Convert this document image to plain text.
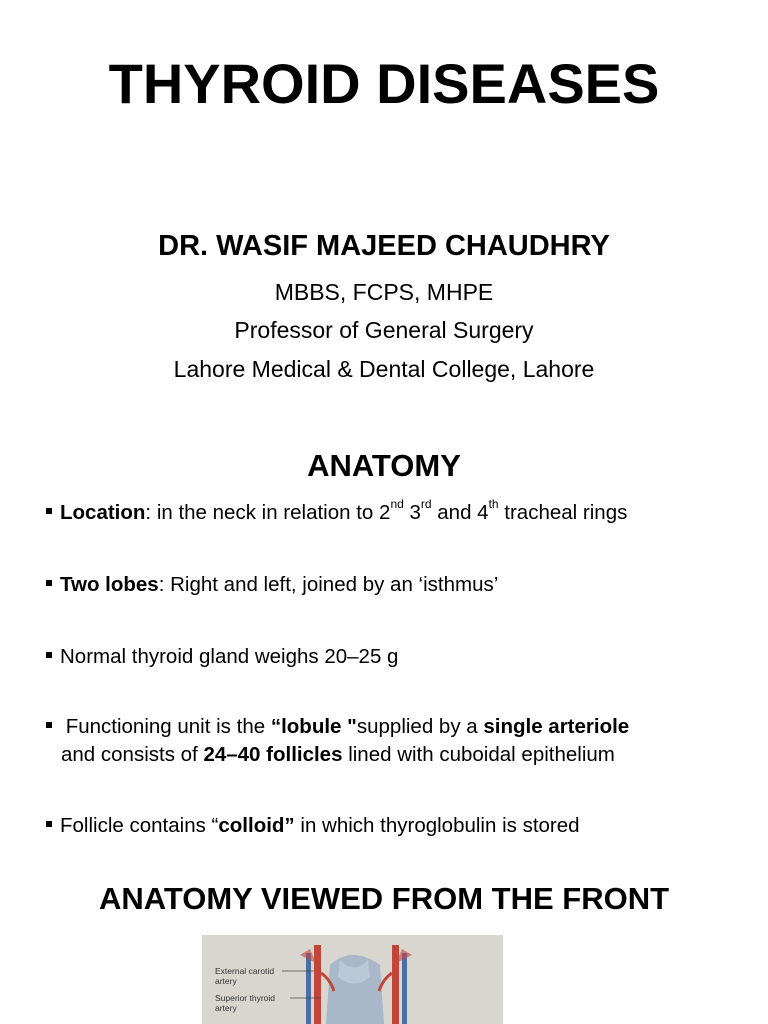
THYROID DISEASES
DR. WASIF MAJEED CHAUDHRY
MBBS, FCPS, MHPE
Professor of General Surgery
Lahore Medical & Dental College, Lahore
ANATOMY
Location: in the neck in relation to 2nd 3rd and 4th tracheal rings
Two lobes: Right and left, joined by an ‘isthmus’
Normal thyroid gland weighs 20–25 g
Functioning unit is the “lobule "supplied by a single arteriole
and consists of 24–40 follicles lined with cuboidal epithelium
Follicle contains “colloid” in which thyroglobulin is stored
ANATOMY VIEWED FROM THE FRONT
External carotid
artery
Superior thyroid
artery
